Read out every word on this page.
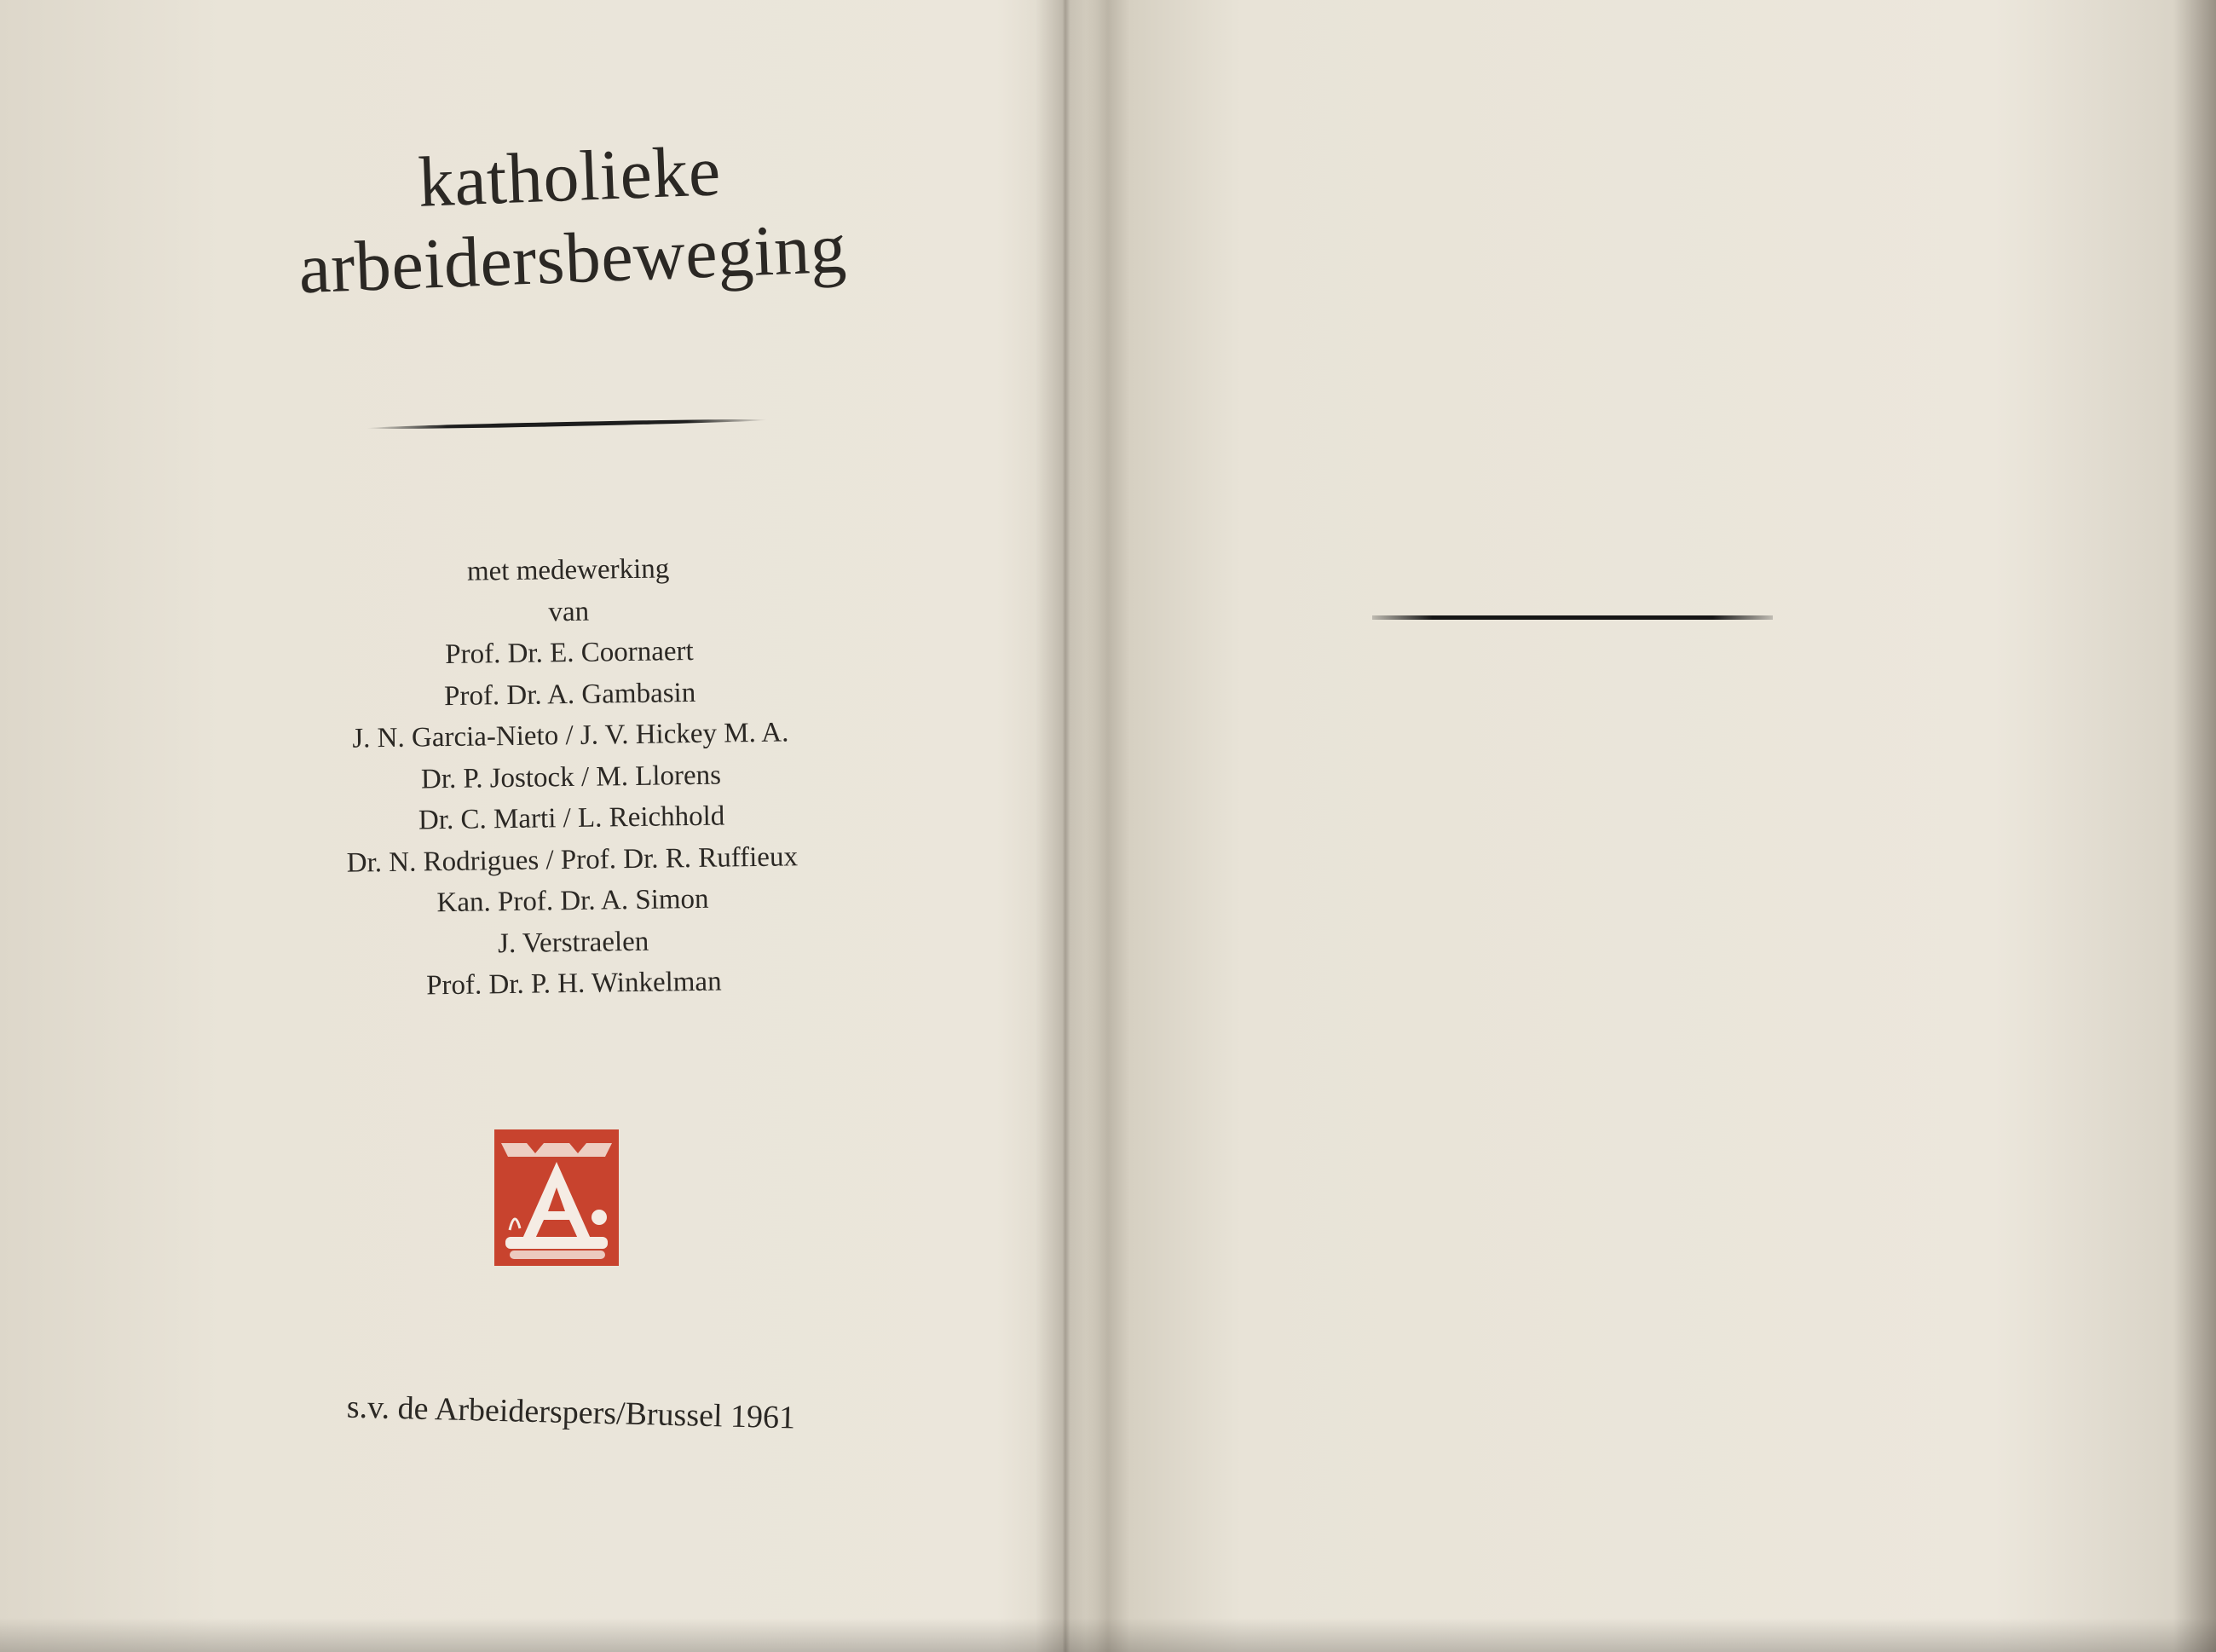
katholieke
arbeidersbeweging
met medewerking
van
Prof. Dr. E. Coornaert
Prof. Dr. A. Gambasin
J. N. Garcia-Nieto / J. V. Hickey M. A.
Dr. P. Jostock / M. Llorens
Dr. C. Marti / L. Reichhold
Dr. N. Rodrigues / Prof. Dr. R. Ruffieux
Kan. Prof. Dr. A. Simon
J. Verstraelen
Prof. Dr. P. H. Winkelman
s.v. de Arbeiderspers/Brussel 1961
